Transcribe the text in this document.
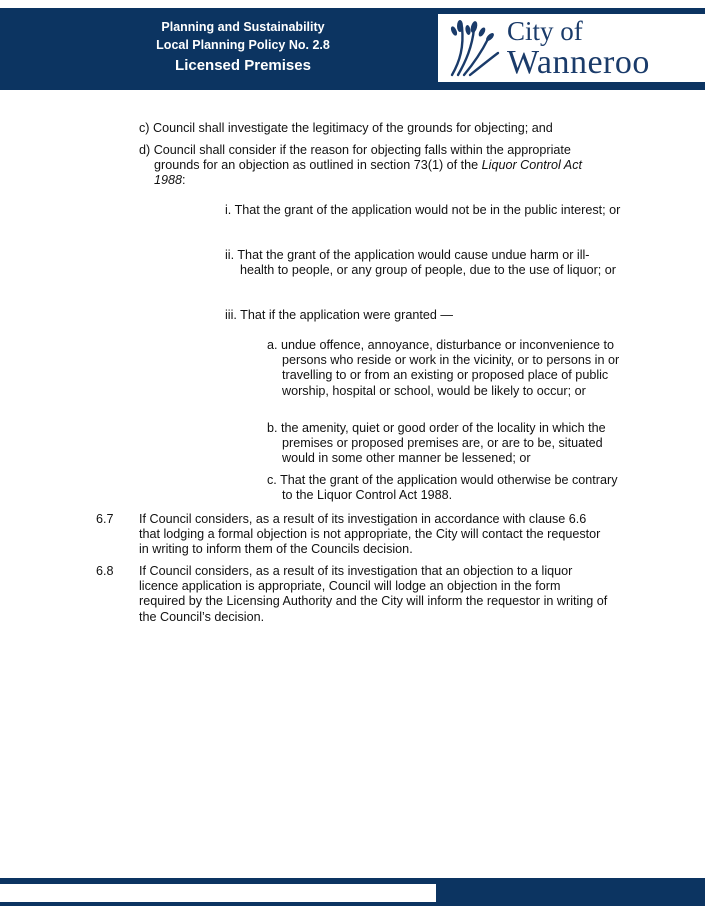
Planning and Sustainability
Local Planning Policy No. 2.8
Licensed Premises
City of
Wanneroo

c) Council shall investigate the legitimacy of the grounds for objecting; and

d) Council shall consider if the reason for objecting falls within the appropriate grounds for an objection as outlined in section 73(1) of the Liquor Control Act 1988:

i. That the grant of the application would not be in the public interest; or

ii. That the grant of the application would cause undue harm or ill-health to people, or any group of people, due to the use of liquor; or

iii. That if the application were granted —

a. undue offence, annoyance, disturbance or inconvenience to persons who reside or work in the vicinity, or to persons in or travelling to or from an existing or proposed place of public worship, hospital or school, would be likely to occur; or

b. the amenity, quiet or good order of the locality in which the premises or proposed premises are, or are to be, situated would in some other manner be lessened; or

c. That the grant of the application would otherwise be contrary to the Liquor Control Act 1988.

6.7 If Council considers, as a result of its investigation in accordance with clause 6.6 that lodging a formal objection is not appropriate, the City will contact the requestor in writing to inform them of the Councils decision.

6.8 If Council considers, as a result of its investigation that an objection to a liquor licence application is appropriate, Council will lodge an objection in the form required by the Licensing Authority and the City will inform the requestor in writing of the Council’s decision.
